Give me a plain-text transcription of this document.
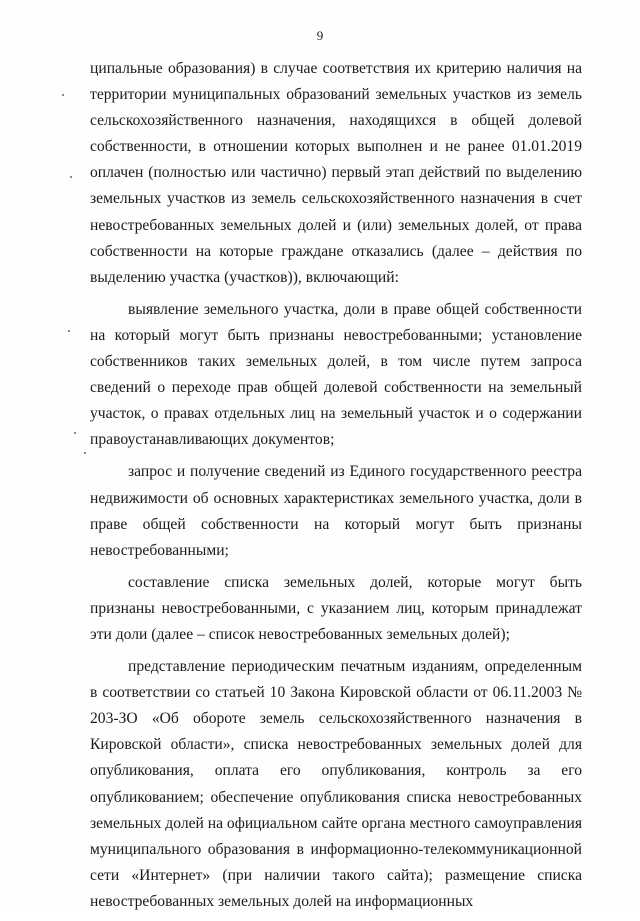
9

ципальные образования) в случае соответствия их критерию наличия на территории муниципальных образований земельных участков из земель сельскохозяйственного назначения, находящихся в общей долевой собственности, в отношении которых выполнен и не ранее 01.01.2019 оплачен (полностью или частично) первый этап действий по выделению земельных участков из земель сельскохозяйственного назначения в счет невостребованных земельных долей и (или) земельных долей, от права собственности на которые граждане отказались (далее – действия по выделению участка (участков)), включающий:

выявление земельного участка, доли в праве общей собственности на который могут быть признаны невостребованными; установление собственников таких земельных долей, в том числе путем запроса сведений о переходе прав общей долевой собственности на земельный участок, о правах отдельных лиц на земельный участок и о содержании правоустанавливающих документов;

запрос и получение сведений из Единого государственного реестра недвижимости об основных характеристиках земельного участка, доли в праве общей собственности на который могут быть признаны невостребованными;

составление списка земельных долей, которые могут быть признаны невостребованными, с указанием лиц, которым принадлежат эти доли (далее – список невостребованных земельных долей);

представление периодическим печатным изданиям, определенным в соответствии со статьей 10 Закона Кировской области от 06.11.2003 № 203-ЗО «Об обороте земель сельскохозяйственного назначения в Кировской области», списка невостребованных земельных долей для опубликования, оплата его опубликования, контроль за его опубликованием; обеспечение опубликования списка невостребованных земельных долей на официальном сайте органа местного самоуправления муниципального образования в информационно-телекоммуникационной сети «Интернет» (при наличии такого сайта); размещение списка невостребованных земельных долей на информационных
